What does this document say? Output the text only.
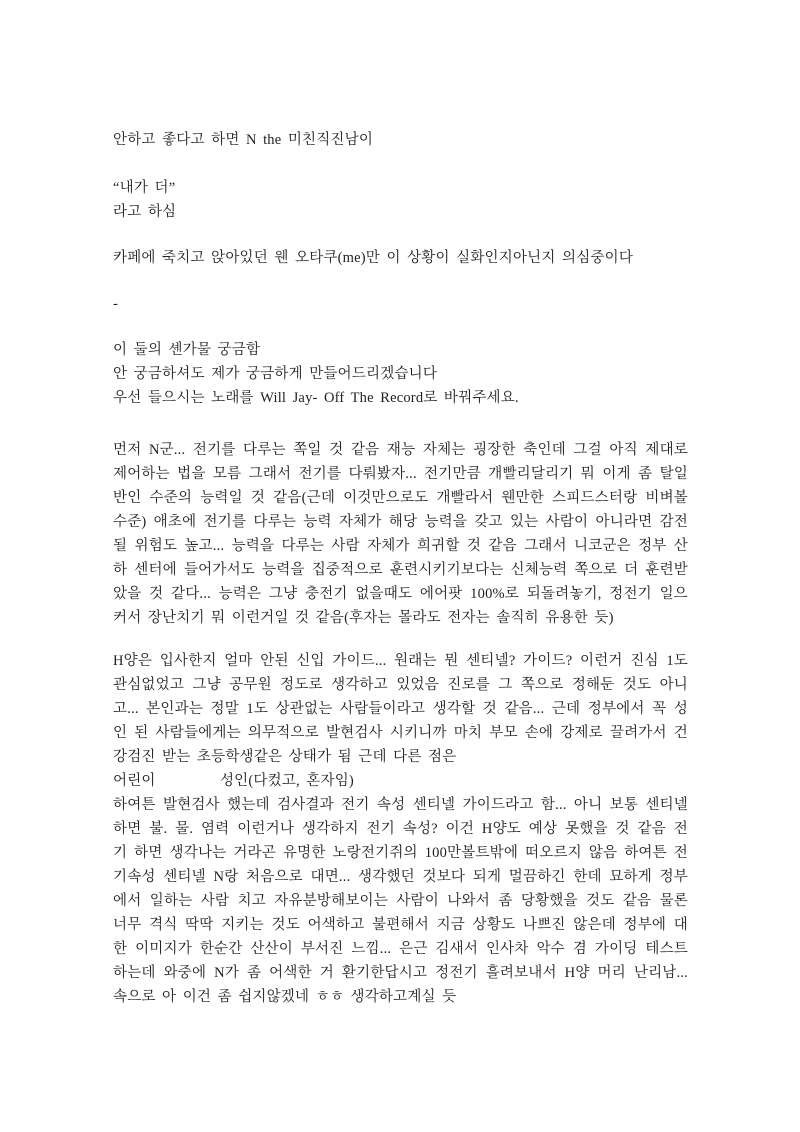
안하고 좋다고 하면 N the 미친직진남이
“내가 더”
라고 하심
카페에 죽치고 앉아있던 웬 오타쿠(me)만 이 상황이 실화인지아닌지 의심중이다
-
이 둘의 셴가물 궁금함
안 궁금하셔도 제가 궁금하게 만들어드리겠습니다
우선 들으시는 노래를 Will Jay- Off The Record로 바꿔주세요.
먼저 N군... 전기를 다루는 쪽일 것 같음 재능 자체는 굉장한 축인데 그걸 아직 제대로
제어하는 법을 모름 그래서 전기를 다뤄봤자... 전기만큼 개빨리달리기 뭐 이게 좀 탈일
반인 수준의 능력일 것 같음(근데 이것만으로도 개빨라서 웬만한 스피드스터랑 비벼볼
수준) 애초에 전기를 다루는 능력 자체가 해당 능력을 갖고 있는 사람이 아니라면 감전
될 위험도 높고... 능력을 다루는 사람 자체가 희귀할 것 같음 그래서 니코군은 정부 산
하 센터에 들어가서도 능력을 집중적으로 훈련시키기보다는 신체능력 쪽으로 더 훈련받
았을 것 같다... 능력은 그냥 충전기 없을때도 에어팟 100%로 되돌려놓기, 정전기 일으
커서 장난치기 뭐 이런거일 것 같음(후자는 몰라도 전자는 솔직히 유용한 듯)
H양은 입사한지 얼마 안된 신입 가이드... 원래는 뭔 센티넬? 가이드? 이런거 진심 1도
관심없었고 그냥 공무원 정도로 생각하고 있었음 진로를 그 쪽으로 정해둔 것도 아니
고... 본인과는 정말 1도 상관없는 사람들이라고 생각할 것 같음... 근데 정부에서 꼭 성
인 된 사람들에게는 의무적으로 발현검사 시키니까 마치 부모 손에 강제로 끌려가서 건
강검진 받는 초등학생같은 상태가 됨 근데 다른 점은
어린이          성인(다컸고, 혼자임)
하여튼 발현검사 했는데 검사결과 전기 속성 센티넬 가이드라고 함... 아니 보통 센티넬
하면 불. 물. 염력 이런거나 생각하지 전기 속성? 이건 H양도 예상 못했을 것 같음 전
기 하면 생각나는 거라곤 유명한 노랑전기쥐의 100만볼트밖에 떠오르지 않음 하여튼 전
기속성 센티넬 N랑 처음으로 대면... 생각했던 것보다 되게 멀끔하긴 한데 묘하게 정부
에서 일하는 사람 치고 자유분방해보이는 사람이 나와서 좀 당황했을 것도 같음 물론
너무 격식 딱딱 지키는 것도 어색하고 불편해서 지금 상황도 나쁘진 않은데 정부에 대
한 이미지가 한순간 산산이 부서진 느낌... 은근 김새서 인사차 악수 겸 가이딩 테스트
하는데 와중에 N가 좀 어색한 거 환기한답시고 정전기 흘려보내서 H양 머리 난리남...
속으로 아 이건 좀 쉽지않겠네 ㅎㅎ 생각하고계실 듯
